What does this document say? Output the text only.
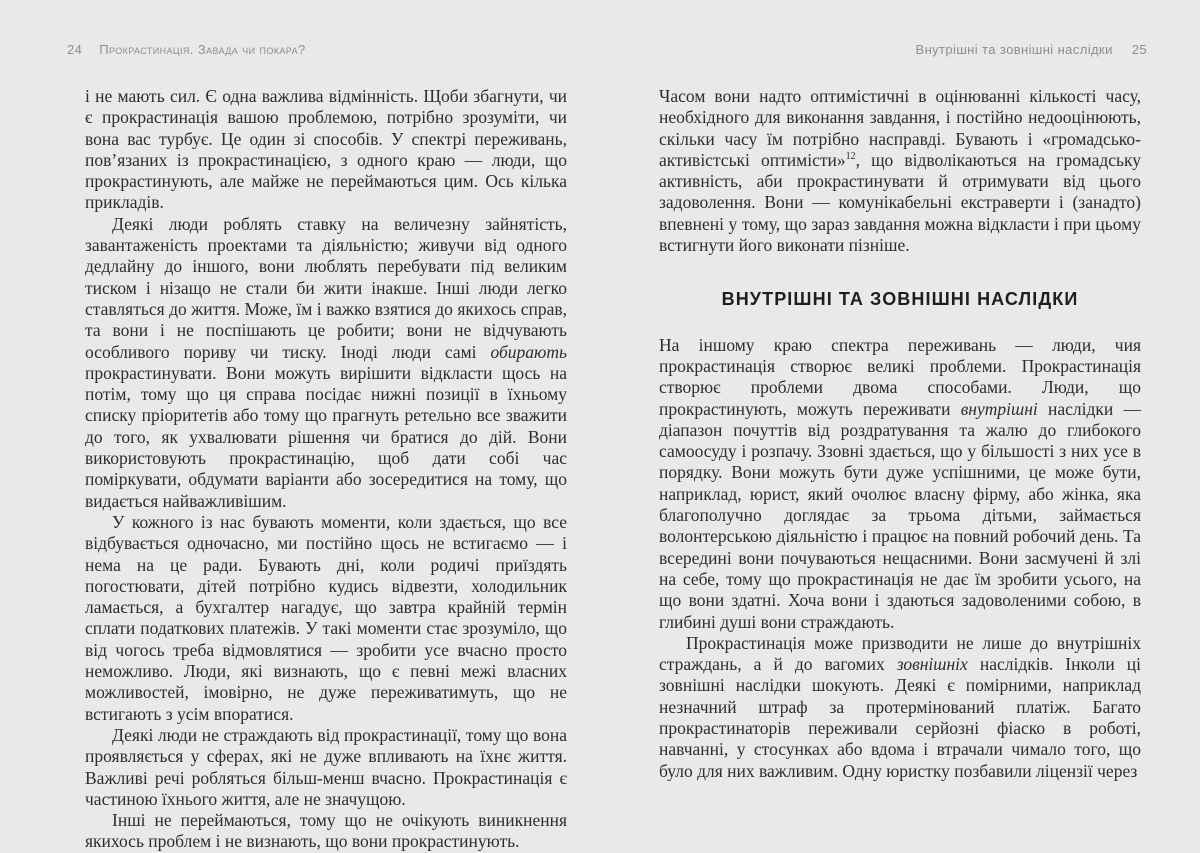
24 Прокрастинація. Завада чи покара?

і не мають сил. Є одна важлива відмінність. Щоби збагнути, чи є прокрастинація вашою проблемою, потрібно зрозуміти, чи вона вас турбує. Це один зі способів. У спектрі переживань, пов’язаних із прокрастинацією, з одного краю — люди, що прокрастинують, але майже не переймаються цим. Ось кілька прикладів.

Деякі люди роблять ставку на величезну зайнятість, завантаженість проектами та діяльністю; живучи від одного дедлайну до іншого, вони люблять перебувати під великим тиском і нізащо не стали би жити інакше. Інші люди легко ставляться до життя. Може, їм і важко взятися до якихось справ, та вони і не поспішають це робити; вони не відчувають особливого пориву чи тиску. Іноді люди самі обирають прокрастинувати. Вони можуть вирішити відкласти щось на потім, тому що ця справа посідає нижні позиції в їхньому списку пріоритетів або тому що прагнуть ретельно все зважити до того, як ухвалювати рішення чи братися до дій. Вони використовують прокрастинацію, щоб дати собі час поміркувати, обдумати варіанти або зосередитися на тому, що видається найважливішим.

У кожного із нас бувають моменти, коли здається, що все відбувається одночасно, ми постійно щось не встигаємо — і нема на це ради. Бувають дні, коли родичі приїздять погостювати, дітей потрібно кудись відвезти, холодильник ламається, а бухгалтер нагадує, що завтра крайній термін сплати податкових платежів. У такі моменти стає зрозуміло, що від чогось треба відмовлятися — зробити усе вчасно просто неможливо. Люди, які визнають, що є певні межі власних можливостей, імовірно, не дуже переживатимуть, що не встигають з усім впоратися.

Деякі люди не страждають від прокрастинації, тому що вона проявляється у сферах, які не дуже впливають на їхнє життя. Важливі речі робляться більш-менш вчасно. Прокрастинація є частиною їхнього життя, але не значущою.

Інші не переймаються, тому що не очікують виникнення якихось проблем і не визнають, що вони прокрастинують.

Внутрішні та зовнішні наслідки 25

Часом вони надто оптимістичні в оцінюванні кількості часу, необхідного для виконання завдання, і постійно недооцінюють, скільки часу їм потрібно насправді. Бувають і «громадсько-активістські оптимісти»$^{12}$, що відволікаються на громадську активність, аби прокрастинувати й отримувати від цього задоволення. Вони — комунікабельні екстраверти і (занадто) впевнені у тому, що зараз завдання можна відкласти і при цьому встигнути його виконати пізніше.

ВНУТРІШНІ ТА ЗОВНІШНІ НАСЛІДКИ

На іншому краю спектра переживань — люди, чия прокрастинація створює великі проблеми. Прокрастинація створює проблеми двома способами. Люди, що прокрастинують, можуть переживати внутрішні наслідки — діапазон почуттів від роздратування та жалю до глибокого самоосуду і розпачу. Ззовні здається, що у більшості з них усе в порядку. Вони можуть бути дуже успішними, це може бути, наприклад, юрист, який очолює власну фірму, або жінка, яка благополучно доглядає за трьома дітьми, займається волонтерською діяльністю і працює на повний робочий день. Та всередині вони почуваються нещасними. Вони засмучені й злі на себе, тому що прокрастинація не дає їм зробити усього, на що вони здатні. Хоча вони і здаються задоволеними собою, в глибині душі вони страждають.

Прокрастинація може призводити не лише до внутрішніх страждань, а й до вагомих зовнішніх наслідків. Інколи ці зовнішні наслідки шокують. Деякі є помірними, наприклад незначний штраф за протермінований платіж. Багато прокрастинаторів переживали серйозні фіаско в роботі, навчанні, у стосунках або вдома і втрачали чимало того, що було для них важливим. Одну юристку позбавили ліцензії через
